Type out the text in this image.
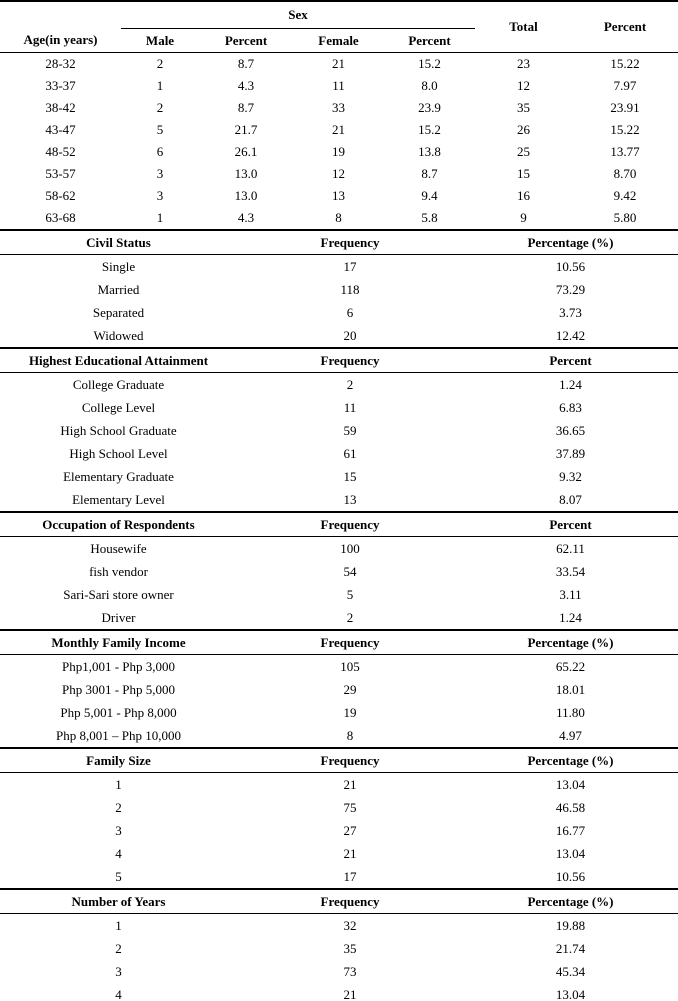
Age(in years)	Sex				Total	Percent
	Male	Percent	Female	Percent		
28-32	2	8.7	21	15.2	23	15.22
33-37	1	4.3	11	8.0	12	7.97
38-42	2	8.7	33	23.9	35	23.91
43-47	5	21.7	21	15.2	26	15.22
48-52	6	26.1	19	13.8	25	13.77
53-57	3	13.0	12	8.7	15	8.70
58-62	3	13.0	13	9.4	16	9.42
63-68	1	4.3	8	5.8	9	5.80
Civil Status	Frequency	Percentage (%)
Single	17	10.56
Married	118	73.29
Separated	6	3.73
Widowed	20	12.42
Highest Educational Attainment	Frequency	Percent
College Graduate	2	1.24
College Level	11	6.83
High School Graduate	59	36.65
High School Level	61	37.89
Elementary Graduate	15	9.32
Elementary Level	13	8.07
Occupation of Respondents	Frequency	Percent
Housewife	100	62.11
fish vendor	54	33.54
Sari-Sari store owner	5	3.11
Driver	2	1.24
Monthly Family Income	Frequency	Percentage (%)
Php1,001 - Php 3,000	105	65.22
Php 3001 - Php 5,000	29	18.01
Php 5,001 - Php 8,000	19	11.80
Php 8,001 – Php 10,000	8	4.97
Family Size	Frequency	Percentage (%)
1	21	13.04
2	75	46.58
3	27	16.77
4	21	13.04
5	17	10.56
Number of Years	Frequency	Percentage (%)
1	32	19.88
2	35	21.74
3	73	45.34
4	21	13.04
